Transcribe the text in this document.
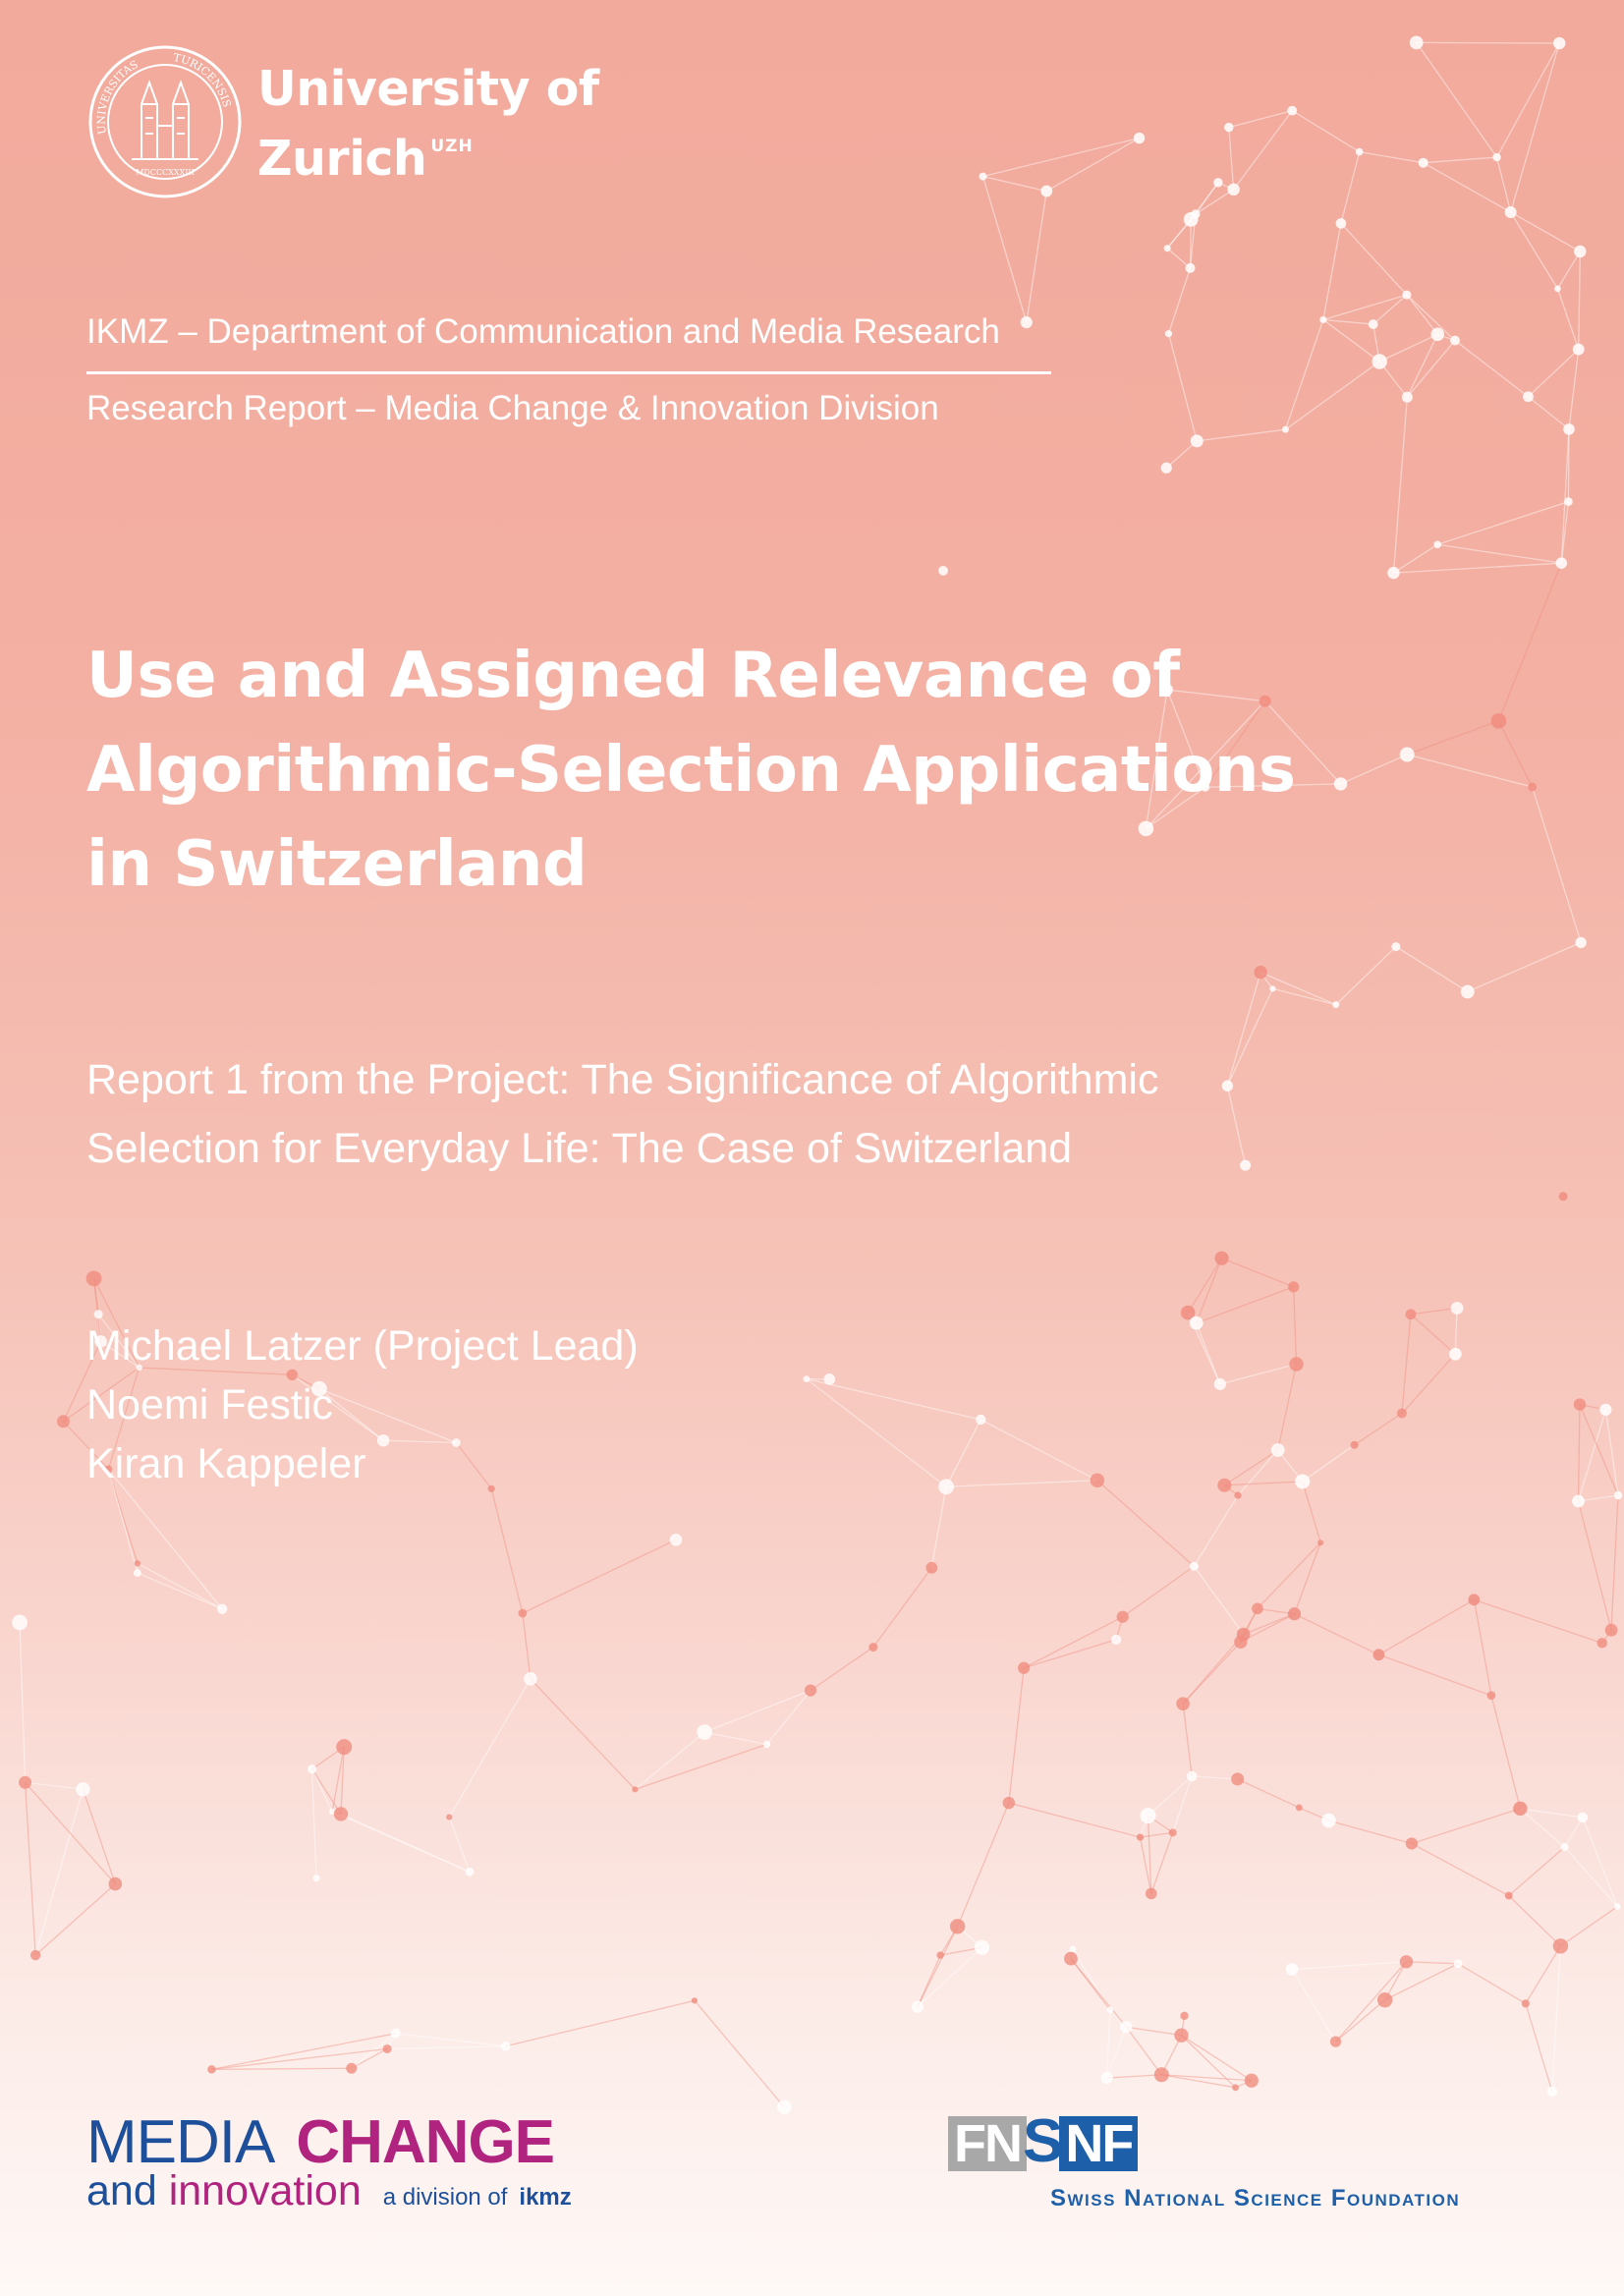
UNIVERSITAS	TURICENSIS
MDCCCXXXIII
University of
Zurich $^{UZH}$
IKMZ – Department of Communication and Media Research
Research Report – Media Change & Innovation Division
Use and Assigned Relevance of
Algorithmic-Selection Applications
in Switzerland
Report 1 from the Project: The Significance of Algorithmic
Selection for Everyday Life: The Case of Switzerland
Michael Latzer (Project Lead)
Noemi Festic
Kiran Kappeler
MEDIA CHANGE
and innovation a division of ikmz
FNSNF
Swiss National Science Foundation
